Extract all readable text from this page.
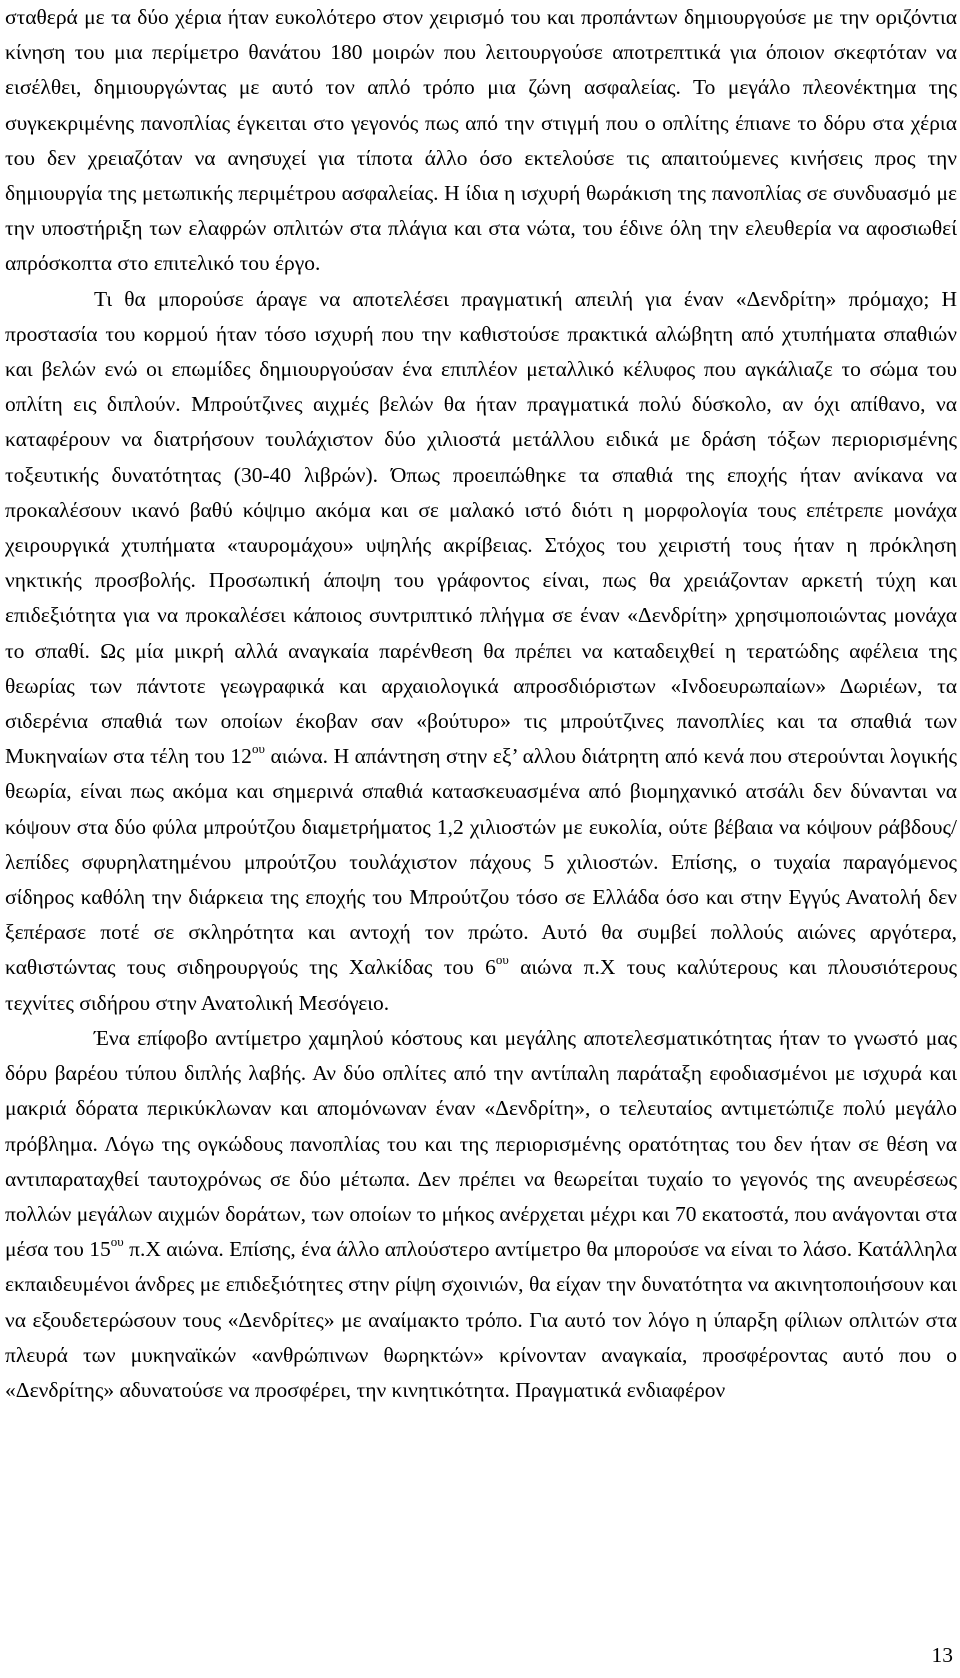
σταθερά με τα δύο χέρια ήταν ευκολότερο στον χειρισμό του και προπάντων δημιουργούσε με την οριζόντια κίνηση του μια περίμετρο θανάτου 180 μοιρών που λειτουργούσε αποτρεπτικά για όποιον σκεφτόταν να εισέλθει, δημιουργώντας με αυτό τον απλό τρόπο μια ζώνη ασφαλείας. Το μεγάλο πλεονέκτημα της συγκεκριμένης πανοπλίας έγκειται στο γεγονός πως από την στιγμή που ο οπλίτης έπιανε το δόρυ στα χέρια του δεν χρειαζόταν να ανησυχεί για τίποτα άλλο όσο εκτελούσε τις απαιτούμενες κινήσεις προς την δημιουργία της μετωπικής περιμέτρου ασφαλείας. Η ίδια η ισχυρή θωράκιση της πανοπλίας σε συνδυασμό με την υποστήριξη των ελαφρών οπλιτών στα πλάγια και στα νώτα, του έδινε όλη την ελευθερία να αφοσιωθεί απρόσκοπτα στο επιτελικό του έργο.

Τι θα μπορούσε άραγε να αποτελέσει πραγματική απειλή για έναν «Δενδρίτη» πρόμαχο; Η προστασία του κορμού ήταν τόσο ισχυρή που την καθιστούσε πρακτικά αλώβητη από χτυπήματα σπαθιών και βελών ενώ οι επωμίδες δημιουργούσαν ένα επιπλέον μεταλλικό κέλυφος που αγκάλιαζε το σώμα του οπλίτη εις διπλούν. Μπρούτζινες αιχμές βελών θα ήταν πραγματικά πολύ δύσκολο, αν όχι απίθανο, να καταφέρουν να διατρήσουν τουλάχιστον δύο χιλιοστά μετάλλου ειδικά με δράση τόξων περιορισμένης τοξευτικής δυνατότητας (30-40 λιβρών). Όπως προειπώθηκε τα σπαθιά της εποχής ήταν ανίκανα να προκαλέσουν ικανό βαθύ κόψιμο ακόμα και σε μαλακό ιστό διότι η μορφολογία τους επέτρεπε μονάχα χειρουργικά χτυπήματα «ταυρομάχου» υψηλής ακρίβειας. Στόχος του χειριστή τους ήταν η πρόκληση νηκτικής προσβολής. Προσωπική άποψη του γράφοντος είναι, πως θα χρειάζονταν αρκετή τύχη και επιδεξιότητα για να προκαλέσει κάποιος συντριπτικό πλήγμα σε έναν «Δενδρίτη» χρησιμοποιώντας μονάχα το σπαθί. Ως μία μικρή αλλά αναγκαία παρένθεση θα πρέπει να καταδειχθεί η τερατώδης αφέλεια της θεωρίας των πάντοτε γεωγραφικά και αρχαιολογικά απροσδιόριστων «Ινδοευρωπαίων» Δωριέων, τα σιδερένια σπαθιά των οποίων έκοβαν σαν «βούτυρο» τις μπρούτζινες πανοπλίες και τα σπαθιά των Μυκηναίων στα τέλη του $12^{o\upsilon}$ αιώνα. Η απάντηση στην εξ’ αλλου διάτρητη από κενά που στερούνται λογικής θεωρία, είναι πως ακόμα και σημερινά σπαθιά κατασκευασμένα από βιομηχανικό ατσάλι δεν δύνανται να κόψουν στα δύο φύλα μπρούτζου διαμετρήματος 1,2 χιλιοστών με ευκολία, ούτε βέβαια να κόψουν ράβδους/λεπίδες σφυρηλατημένου μπρούτζου τουλάχιστον πάχους 5 χιλιοστών. Επίσης, ο τυχαία παραγόμενος σίδηρος καθόλη την διάρκεια της εποχής του Μπρούτζου τόσο σε Ελλάδα όσο και στην Εγγύς Ανατολή δεν ξεπέρασε ποτέ σε σκληρότητα και αντοχή τον πρώτο. Αυτό θα συμβεί πολλούς αιώνες αργότερα, καθιστώντας τους σιδηρουργούς της Χαλκίδας του $6^{o\upsilon}$ αιώνα π.Χ τους καλύτερους και πλουσιότερους τεχνίτες σιδήρου στην Ανατολική Μεσόγειο.

Ένα επίφοβο αντίμετρο χαμηλού κόστους και μεγάλης αποτελεσματικότητας ήταν το γνωστό μας δόρυ βαρέου τύπου διπλής λαβής. Αν δύο οπλίτες από την αντίπαλη παράταξη εφοδιασμένοι με ισχυρά και μακριά δόρατα περικύκλωναν και απομόνωναν έναν «Δενδρίτη», ο τελευταίος αντιμετώπιζε πολύ μεγάλο πρόβλημα. Λόγω της ογκώδους πανοπλίας του και της περιορισμένης ορατότητας του δεν ήταν σε θέση να αντιπαραταχθεί ταυτοχρόνως σε δύο μέτωπα. Δεν πρέπει να θεωρείται τυχαίο το γεγονός της ανευρέσεως πολλών μεγάλων αιχμών δοράτων, των οποίων το μήκος ανέρχεται μέχρι και 70 εκατοστά, που ανάγονται στα μέσα του $15^{o\upsilon}$ π.Χ αιώνα. Επίσης, ένα άλλο απλούστερο αντίμετρο θα μπορούσε να είναι το λάσο. Κατάλληλα εκπαιδευμένοι άνδρες με επιδεξιότητες στην ρίψη σχοινιών, θα είχαν την δυνατότητα να ακινητοποιήσουν και να εξουδετερώσουν τους «Δενδρίτες» με αναίμακτο τρόπο. Για αυτό τον λόγο η ύπαρξη φίλιων οπλιτών στα πλευρά των μυκηναϊκών «ανθρώπινων θωρηκτών» κρίνονταν αναγκαία, προσφέροντας αυτό που ο «Δενδρίτης» αδυνατούσε να προσφέρει, την κινητικότητα. Πραγματικά ενδιαφέρον

13
